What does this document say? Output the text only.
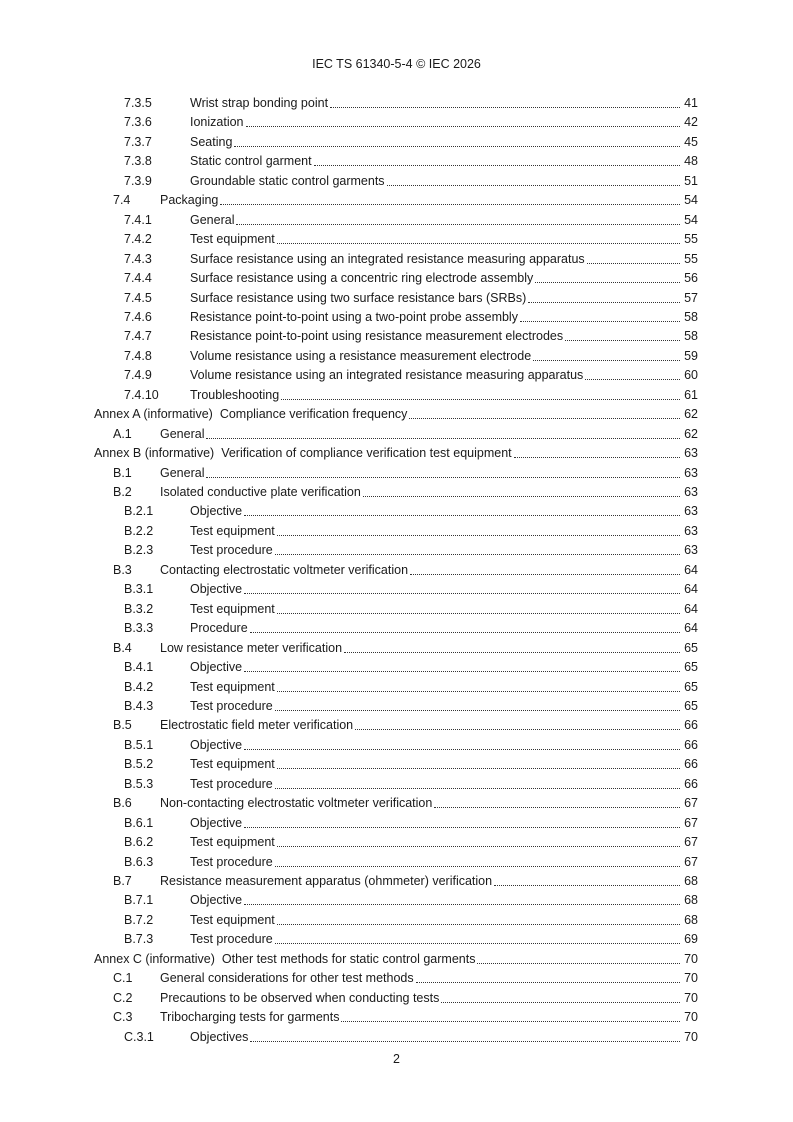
IEC TS 61340-5-4 © IEC 2026
7.3.5	Wrist strap bonding point	41
7.3.6	Ionization	42
7.3.7	Seating	45
7.3.8	Static control garment	48
7.3.9	Groundable static control garments	51
7.4	Packaging	54
7.4.1	General	54
7.4.2	Test equipment	55
7.4.3	Surface resistance using an integrated resistance measuring apparatus	55
7.4.4	Surface resistance using a concentric ring electrode assembly	56
7.4.5	Surface resistance using two surface resistance bars (SRBs)	57
7.4.6	Resistance point-to-point using a two-point probe assembly	58
7.4.7	Resistance point-to-point using resistance measurement electrodes	58
7.4.8	Volume resistance using a resistance measurement electrode	59
7.4.9	Volume resistance using an integrated resistance measuring apparatus	60
7.4.10	Troubleshooting	61
Annex A (informative) Compliance verification frequency	62
A.1	General	62
Annex B (informative) Verification of compliance verification test equipment	63
B.1	General	63
B.2	Isolated conductive plate verification	63
B.2.1	Objective	63
B.2.2	Test equipment	63
B.2.3	Test procedure	63
B.3	Contacting electrostatic voltmeter verification	64
B.3.1	Objective	64
B.3.2	Test equipment	64
B.3.3	Procedure	64
B.4	Low resistance meter verification	65
B.4.1	Objective	65
B.4.2	Test equipment	65
B.4.3	Test procedure	65
B.5	Electrostatic field meter verification	66
B.5.1	Objective	66
B.5.2	Test equipment	66
B.5.3	Test procedure	66
B.6	Non-contacting electrostatic voltmeter verification	67
B.6.1	Objective	67
B.6.2	Test equipment	67
B.6.3	Test procedure	67
B.7	Resistance measurement apparatus (ohmmeter) verification	68
B.7.1	Objective	68
B.7.2	Test equipment	68
B.7.3	Test procedure	69
Annex C (informative) Other test methods for static control garments	70
C.1	General considerations for other test methods	70
C.2	Precautions to be observed when conducting tests	70
C.3	Tribocharging tests for garments	70
C.3.1	Objectives	70
2
